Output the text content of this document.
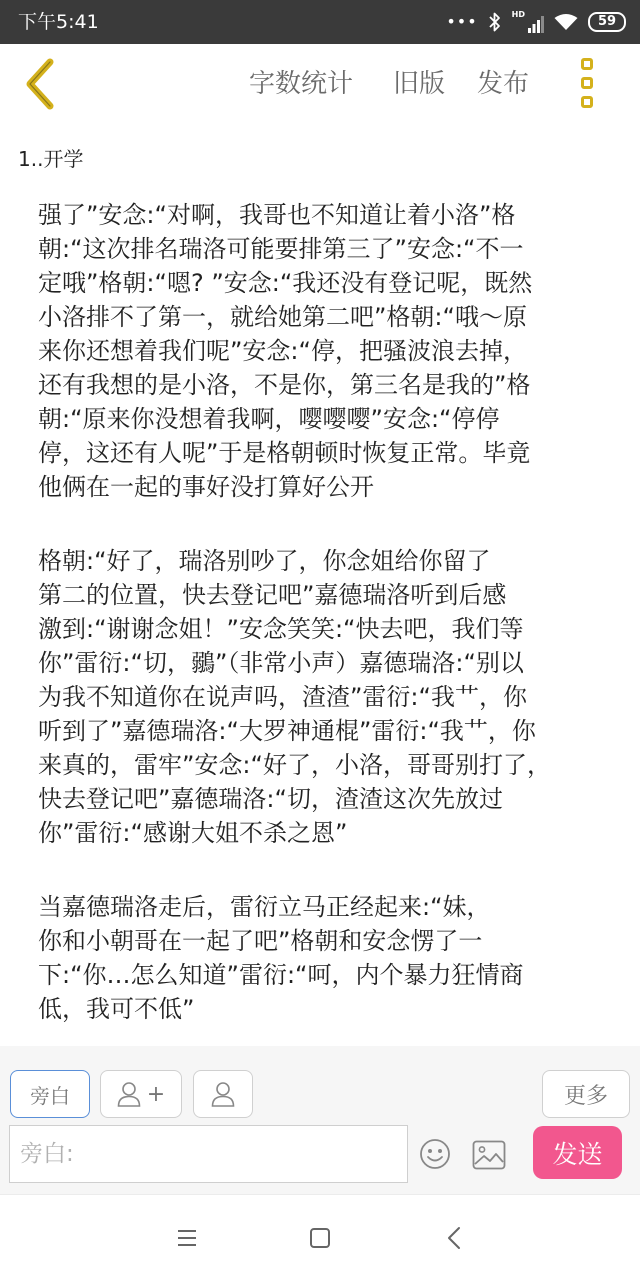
下午5:41	•••	HD	59
字数统计 旧版 发布
1..开学

强了”安念:“对啊，我哥也不知道让着小洛”格
朝:“这次排名瑞洛可能要排第三了”安念:“不一
定哦”格朝:“嗯? ”安念:“我还没有登记呢，既然
小洛排不了第一，就给她第二吧”格朝:“哦～原
来你还想着我们呢”安念:“停，把骚波浪去掉，
还有我想的是小洛，不是你，第三名是我的”格
朝:“原来你没想着我啊，嘤嘤嘤”安念:“停停
停，这还有人呢”于是格朝顿时恢复正常。毕竟
他俩在一起的事好没打算好公开

格朝:“好了，瑞洛别吵了，你念姐给你留了
第二的位置，快去登记吧”嘉德瑞洛听到后感
激到:“谢谢念姐！”安念笑笑:“快去吧，我们等
你”雷衍:“切，鶸”（非常小声）嘉德瑞洛:“别以
为我不知道你在说声吗，渣渣”雷衍:“我艹，你
听到了”嘉德瑞洛:“大罗神通棍”雷衍:“我艹，你
来真的，雷牢”安念:“好了，小洛，哥哥别打了，
快去登记吧”嘉德瑞洛:“切，渣渣这次先放过
你”雷衍:“感谢大姐不杀之恩”

当嘉德瑞洛走后，雷衍立马正经起来:“妹，
你和小朝哥在一起了吧”格朝和安念愣了一
下:“你…怎么知道”雷衍:“呵，内个暴力狂情商
低，我可不低”

旁白	+	更多
旁白:
发送
